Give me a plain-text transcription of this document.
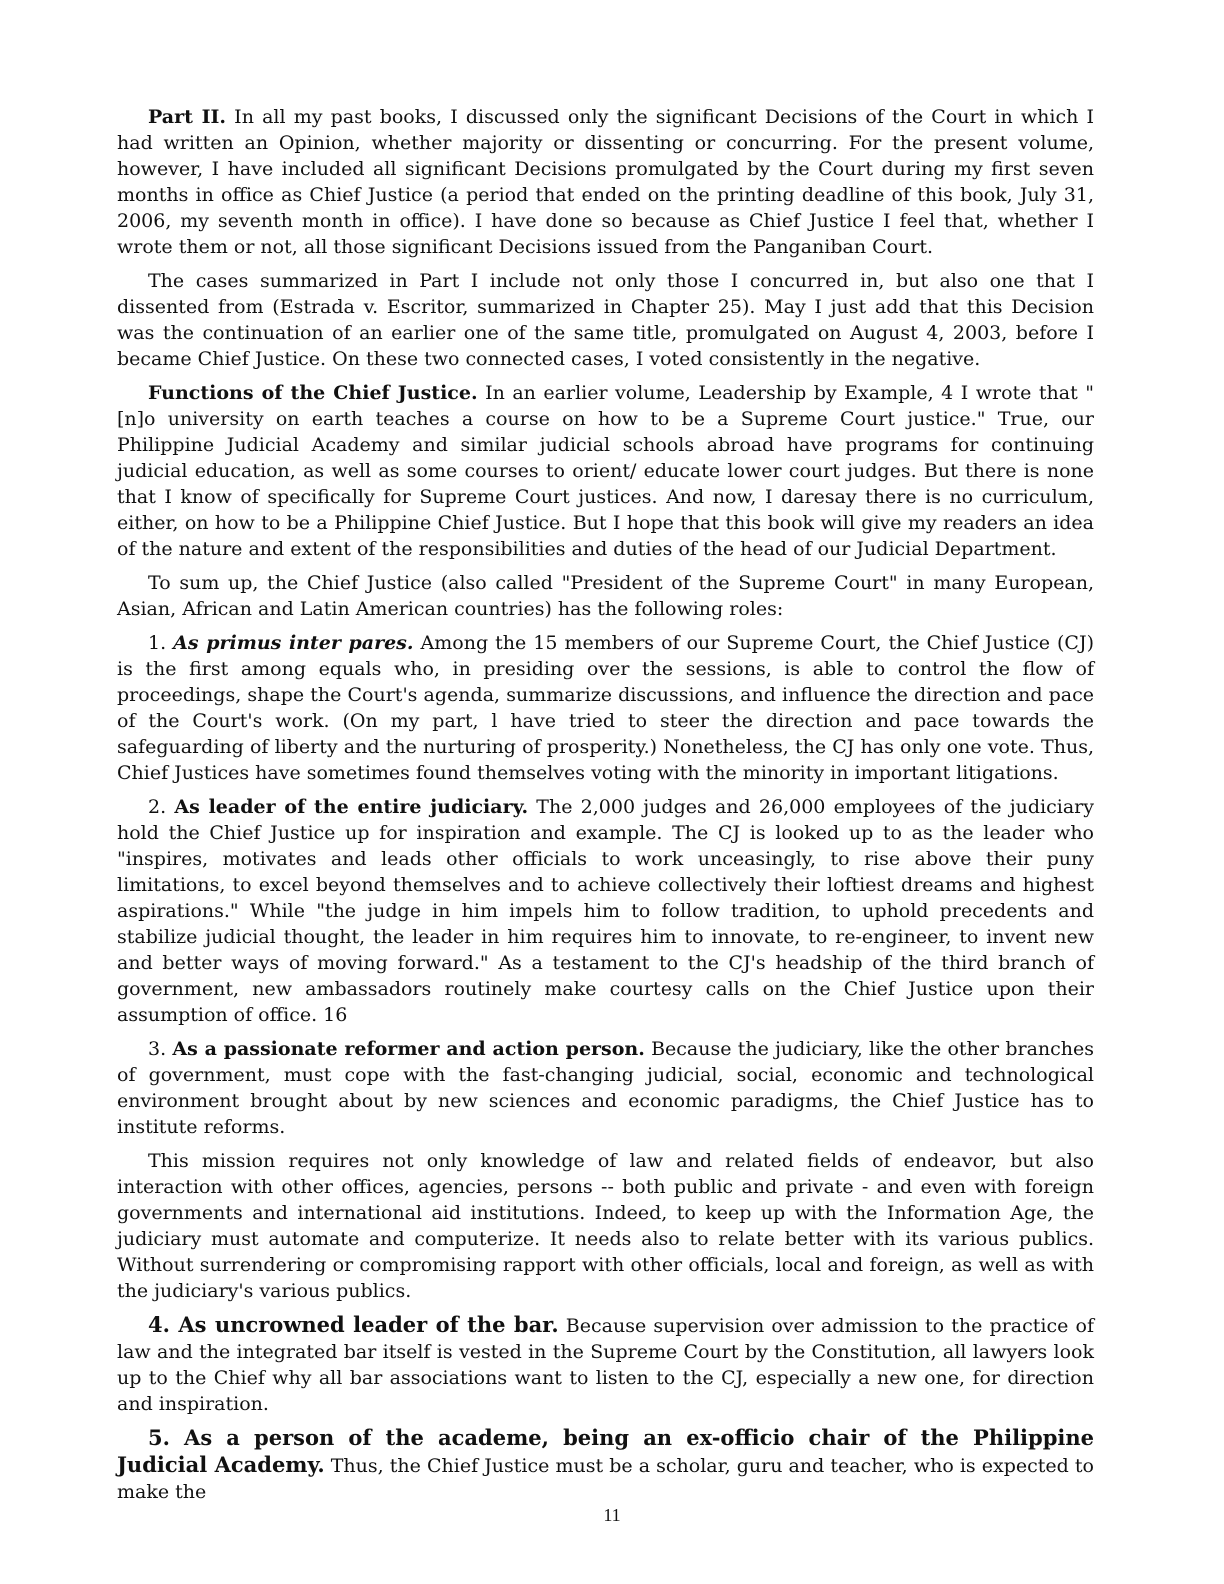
Part II. In all my past books, I discussed only the significant Decisions of the Court in which I had written an Opinion, whether majority or dissenting or concurring. For the present volume, however, I have included all significant Decisions promulgated by the Court during my first seven months in office as Chief Justice (a period that ended on the printing deadline of this book, July 31, 2006, my seventh month in office). I have done so because as Chief Justice I feel that, whether I wrote them or not, all those significant Decisions issued from the Panganiban Court.

The cases summarized in Part I include not only those I concurred in, but also one that I dissented from (Estrada v. Escritor, summarized in Chapter 25). May I just add that this Decision was the continuation of an earlier one of the same title, promulgated on August 4, 2003, before I became Chief Justice. On these two connected cases, I voted consistently in the negative.

Functions of the Chief Justice. In an earlier volume, Leadership by Example, 4 I wrote that "[n]o university on earth teaches a course on how to be a Supreme Court justice." True, our Philippine Judicial Academy and similar judicial schools abroad have programs for continuing judicial education, as well as some courses to orient/ educate lower court judges. But there is none that I know of specifically for Supreme Court justices. And now, I daresay there is no curriculum, either, on how to be a Philippine Chief Justice. But I hope that this book will give my readers an idea of the nature and extent of the responsibilities and duties of the head of our Judicial Department.

To sum up, the Chief Justice (also called "President of the Supreme Court" in many European, Asian, African and Latin American countries) has the following roles:

1. As primus inter pares. Among the 15 members of our Supreme Court, the Chief Justice (CJ) is the first among equals who, in presiding over the sessions, is able to control the flow of proceedings, shape the Court's agenda, summarize discussions, and influence the direction and pace of the Court's work. (On my part, l have tried to steer the direction and pace towards the safeguarding of liberty and the nurturing of prosperity.) Nonetheless, the CJ has only one vote. Thus, Chief Justices have sometimes found themselves voting with the minority in important litigations.

2. As leader of the entire judiciary. The 2,000 judges and 26,000 employees of the judiciary hold the Chief Justice up for inspiration and example. The CJ is looked up to as the leader who "inspires, motivates and leads other officials to work unceasingly, to rise above their puny limitations, to excel beyond themselves and to achieve collectively their loftiest dreams and highest aspirations." While "the judge in him impels him to follow tradition, to uphold precedents and stabilize judicial thought, the leader in him requires him to innovate, to re-engineer, to invent new and better ways of moving forward." As a testament to the CJ's headship of the third branch of government, new ambassadors routinely make courtesy calls on the Chief Justice upon their assumption of office. 16

3. As a passionate reformer and action person. Because the judiciary, like the other branches of government, must cope with the fast-changing judicial, social, economic and technological environment brought about by new sciences and economic paradigms, the Chief Justice has to institute reforms.

This mission requires not only knowledge of law and related fields of endeavor, but also interaction with other offices, agencies, persons -- both public and private - and even with foreign governments and international aid institutions. Indeed, to keep up with the Information Age, the judiciary must automate and computerize. It needs also to relate better with its various publics. Without surrendering or compromising rapport with other officials, local and foreign, as well as with the judiciary's various publics.

4. As uncrowned leader of the bar. Because supervision over admission to the practice of law and the integrated bar itself is vested in the Supreme Court by the Constitution, all lawyers look up to the Chief why all bar associations want to listen to the CJ, especially a new one, for direction and inspiration.

5. As a person of the academe, being an ex-officio chair of the Philippine Judicial Academy. Thus, the Chief Justice must be a scholar, guru and teacher, who is expected to make the

11
